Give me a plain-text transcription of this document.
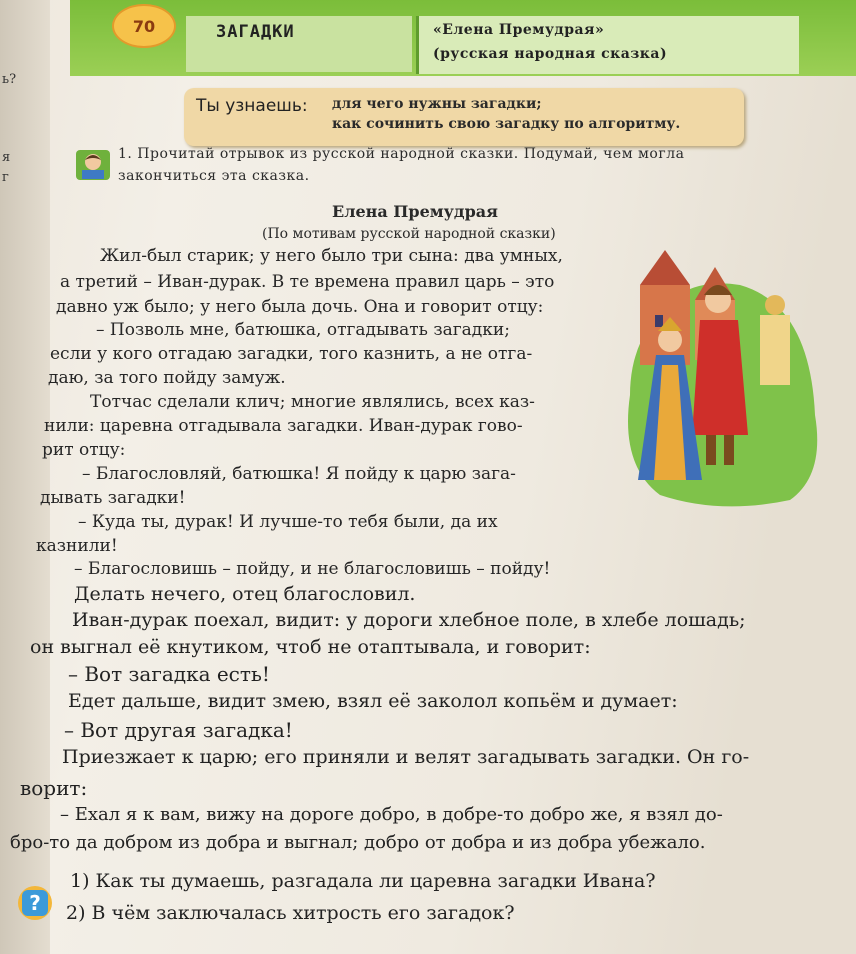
ь?
я
г
70	ЗАГАДКИ	«Елена Премудрая»
(русская народная сказка)
Ты узнаешь: для чего нужны загадки;
как сочинить свою загадку по алгоритму.
1. Прочитай отрывок из русской народной сказки. Подумай, чем могла
закончиться эта сказка.
Елена Премудрая
(По мотивам русской народной сказки)
Жил-был старик; у него было три сына: два умных,
а третий – Иван-дурак. В те времена правил царь – это
давно уж было; у него была дочь. Она и говорит отцу:
– Позволь мне, батюшка, отгадывать загадки;
если у кого отгадаю загадки, того казнить, а не отга-
даю, за того пойду замуж.
Тотчас сделали клич; многие являлись, всех каз-
нили: царевна отгадывала загадки. Иван-дурак гово-
рит отцу:
– Благословляй, батюшка! Я пойду к царю зага-
дывать загадки!
– Куда ты, дурак! И лучше-то тебя были, да их
казнили!
– Благословишь – пойду, и не благословишь – пойду!
Делать нечего, отец благословил.
Иван-дурак поехал, видит: у дороги хлебное поле, в хлебе лошадь;
он выгнал её кнутиком, чтоб не отаптывала, и говорит:
– Вот загадка есть!
Едет дальше, видит змею, взял её заколол копьём и думает:
– Вот другая загадка!
Приезжает к царю; его приняли и велят загадывать загадки. Он го-
ворит:
– Ехал я к вам, вижу на дороге добро, в добре-то добро же, я взял до-
бро-то да добром из добра и выгнал; добро от добра и из добра убежало.
?
1) Как ты думаешь, разгадала ли царевна загадки Ивана?
2) В чём заключалась хитрость его загадок?
